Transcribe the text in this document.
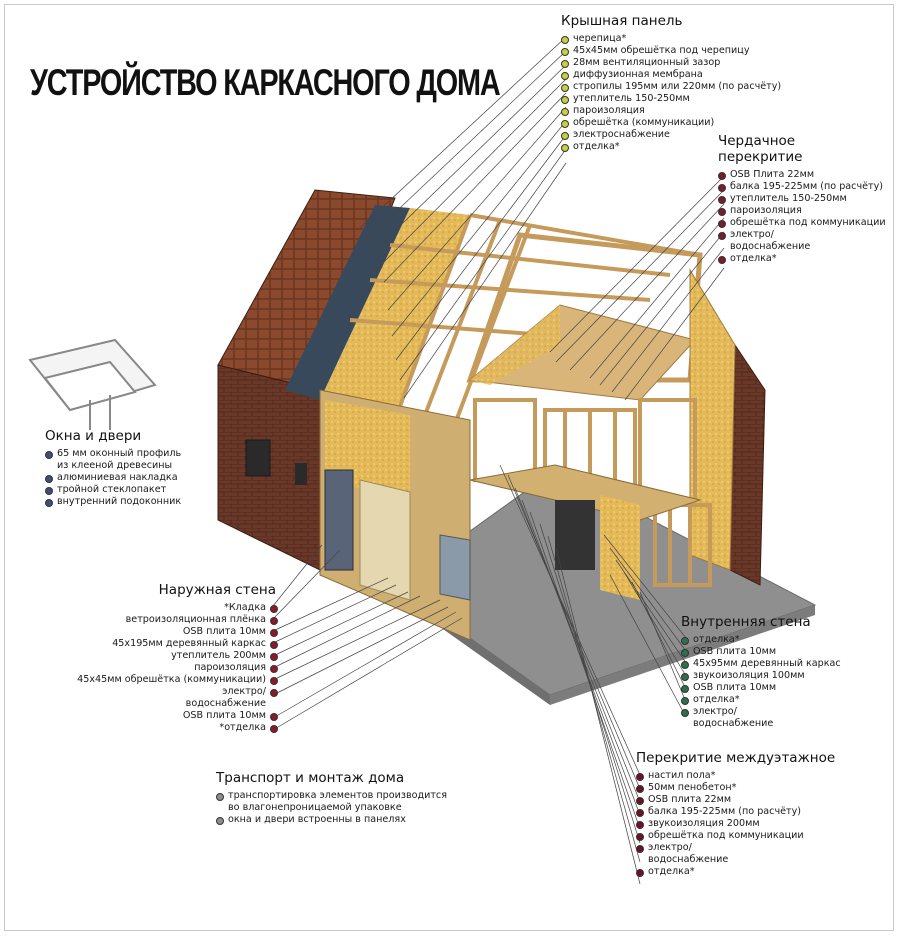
УСТРОЙСТВО КАРКАСНОГО ДОМА
Крышная панель
черепица*
45х45мм обрешётка под черепицу
28мм вентиляционный зазор
диффузионная мембрана
стропилы 195мм или 220мм (по расчёту)
утеплитель 150-250мм
пароизоляция
обрешётка (коммуникации)
электроснабжение
отделка*	Чердачное
перекритие
OSB Плита 22мм
балка 195-225мм (по расчёту)
утеплитель 150-250мм
пароизоляция
обрешётка под коммуникации
электро/ водоснабжение
отделка*
Окна и двери
65 мм оконный профиль из клееной древесины
алюминиевая накладка
тройной стеклопакет
внутренний подоконник
Наружная стена
*Кладка
ветроизоляционная плёнка
OSB плита 10мм
45х195мм деревянный каркас
утеплитель 200мм
пароизоляция
45х45мм обрешётка (коммуникации)
электро/ водоснабжение
OSB плита 10мм
*отделка
Внутренняя стена
отделка*
OSB плита 10мм
45х95мм деревянный каркас
звукоизоляция 100мм
OSB плита 10мм
отделка*
электро/ водоснабжение
Перекритие междуэтажное
настил пола*
50мм пенобетон*
OSB плита 22мм
балка 195-225мм (по расчёту)
звукоизоляция 200мм
обрешётка под коммуникации
электро/ водоснабжение
отделка*
Транспорт и монтаж дома
транспортировка элементов производится во влагонепроницаемой упаковке
окна и двери встроенны в панелях
